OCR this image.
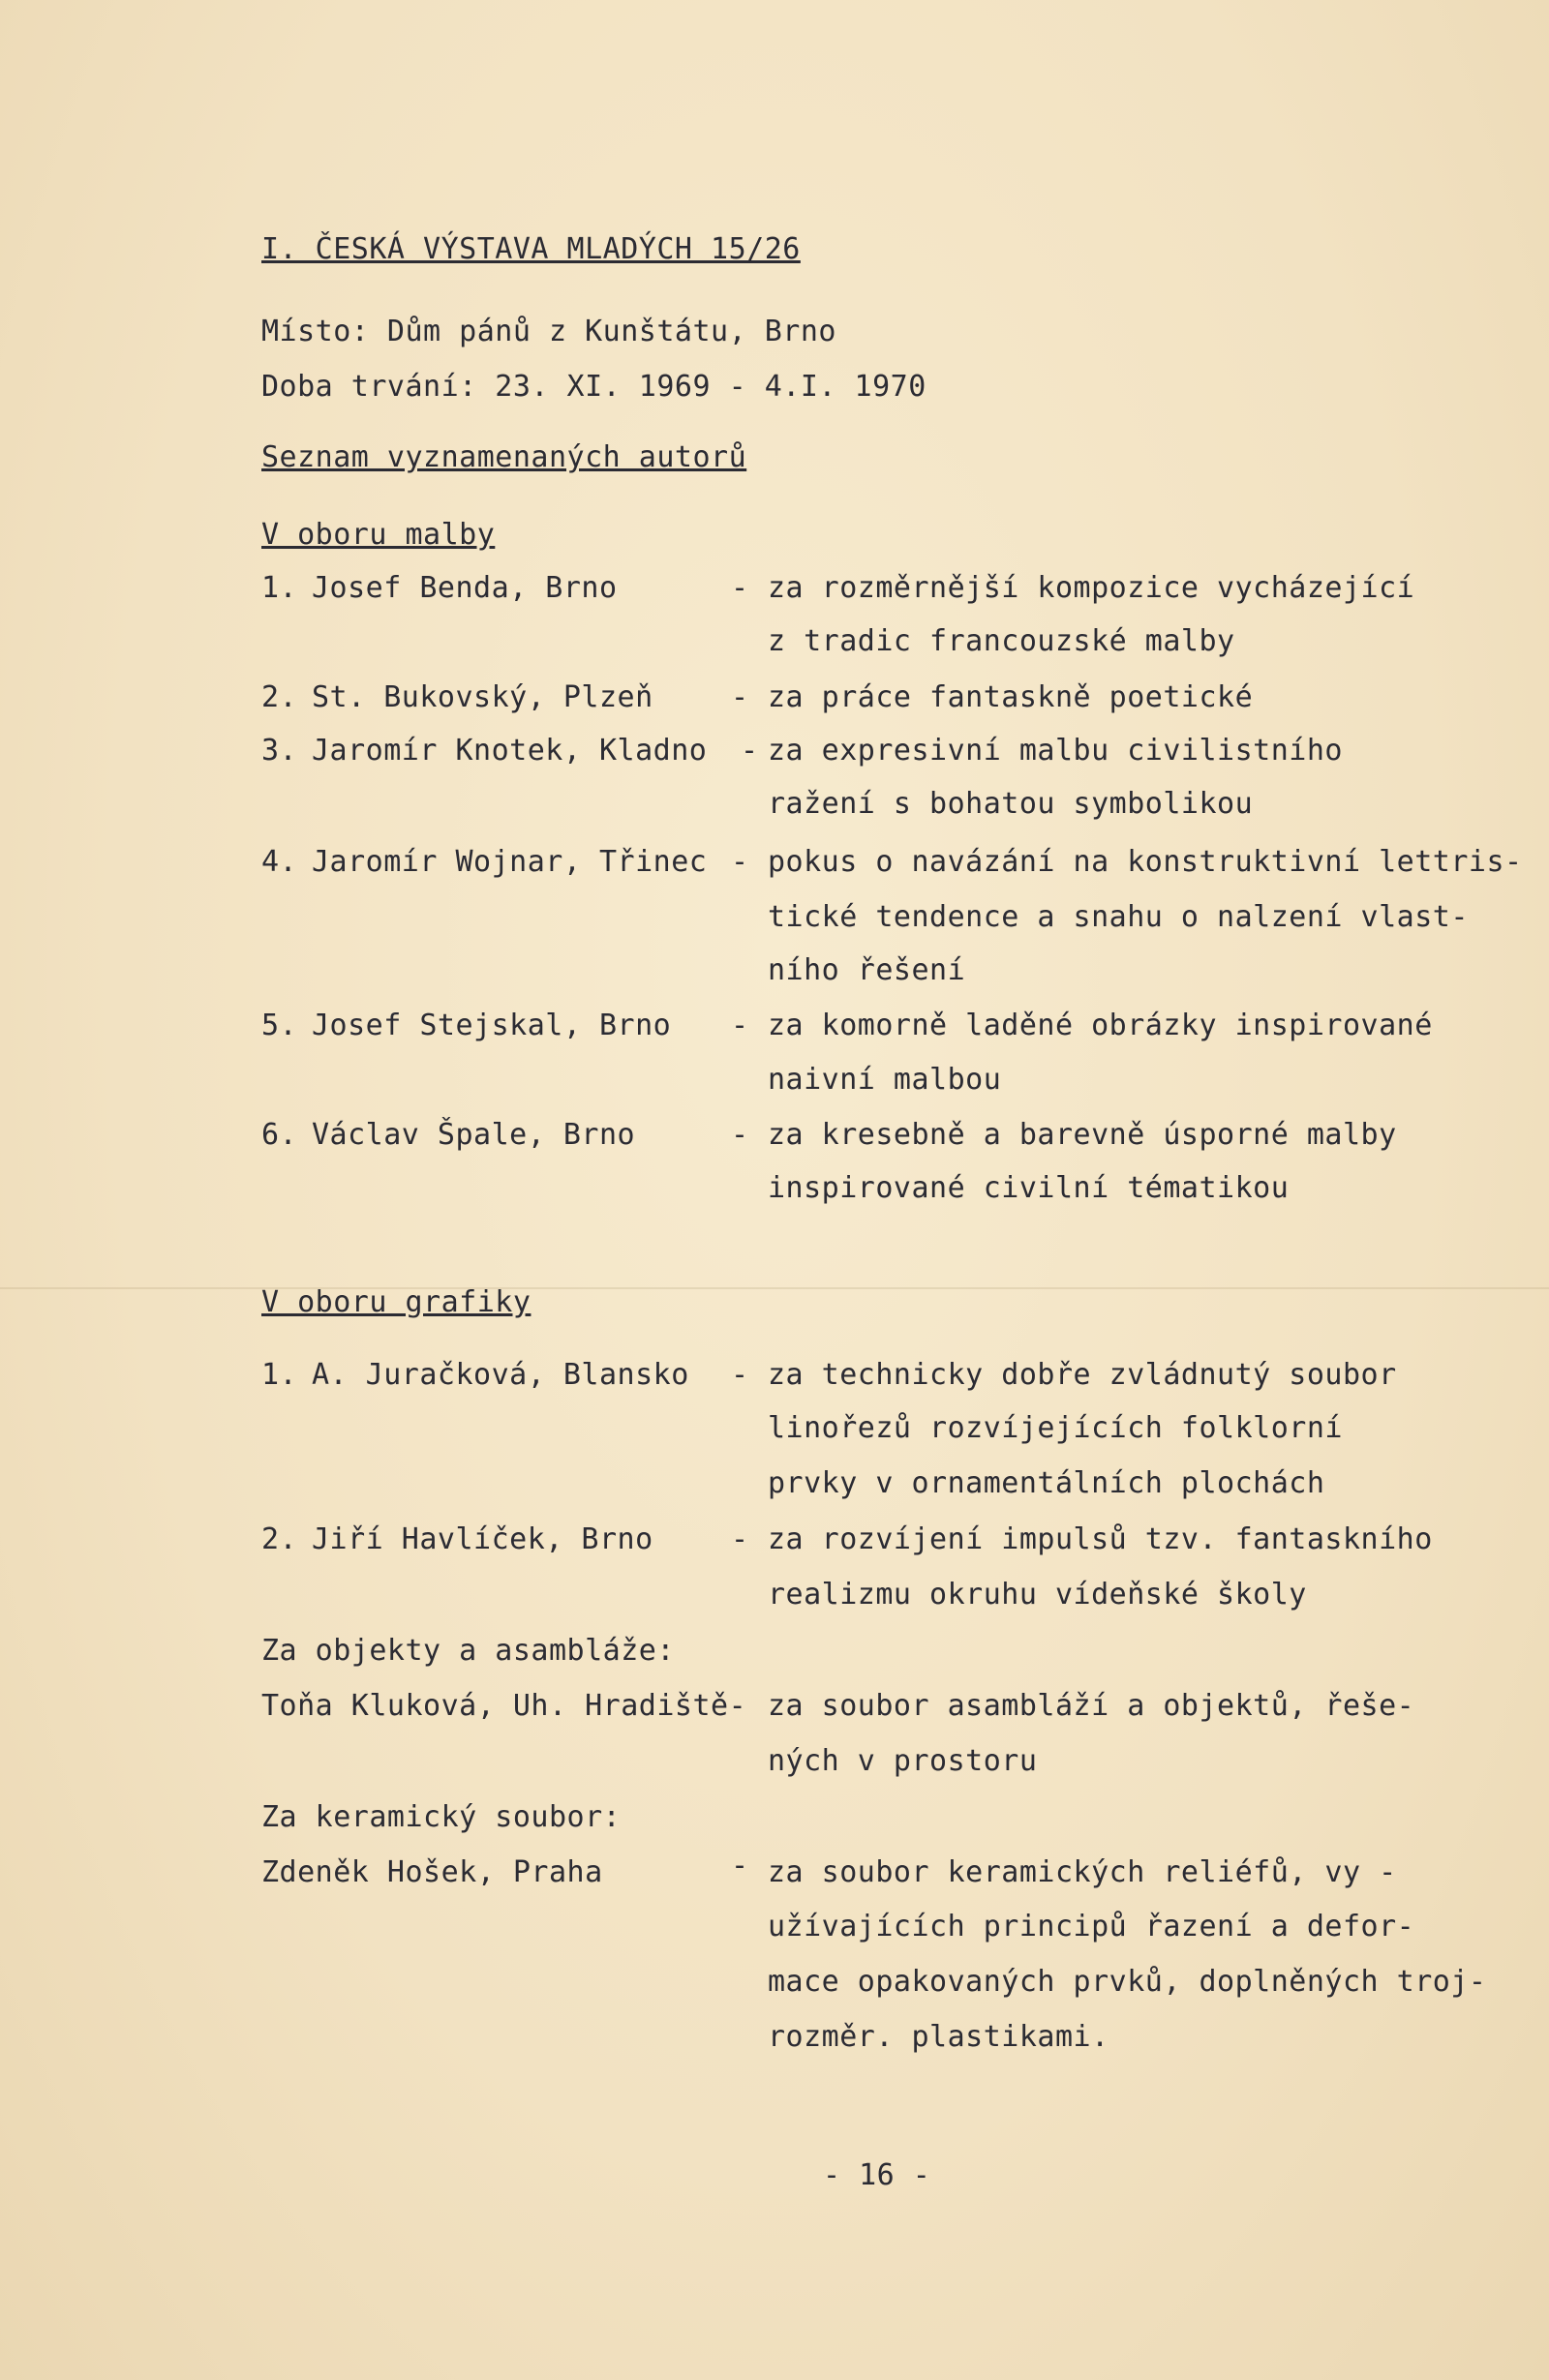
I. ČESKÁ VÝSTAVA MLADÝCH 15/26
Místo: Dům pánů z Kunštátu, Brno
Doba trvání: 23. XI. 1969 - 4.I. 1970
Seznam vyznamenaných autorů
V oboru malby
1. Josef Benda, Brno	- za rozměrnější kompozice vycházející
z tradic francouzské malby
2. St. Bukovský, Plzeň	- za práce fantaskně poetické
3. Jaromír Knotek, Kladno - za expresivní malbu civilistního
ražení s bohatou symbolikou
4. Jaromír Wojnar, Třinec - pokus o navázání na konstruktivní lettris-
tické tendence a snahu o nalzení vlast-
ního řešení
5. Josef Stejskal, Brno - za komorně laděné obrázky inspirované
naivní malbou
6. Václav Špale, Brno	- za kresebně a barevně úsporné malby
inspirované civilní tématikou
V oboru grafiky
1. A. Juračková, Blansko - za technicky dobře zvládnutý soubor
linořezů rozvíjejících folklorní
prvky v ornamentálních plochách
2. Jiří Havlíček, Brno	- za rozvíjení impulsů tzv. fantaskního
realizmu okruhu vídeňské školy
Za objekty a asambláže:
Toňa Kluková, Uh. Hradiště- za soubor asambláží a objektů, řeše-
ných v prostoru
Za keramický soubor:
Zdeněk Hošek, Praha	- za soubor keramických reliéfů, vy -
užívajících principů řazení a defor-
mace opakovaných prvků, doplněných troj-
rozměr. plastikami.
- 16 -
